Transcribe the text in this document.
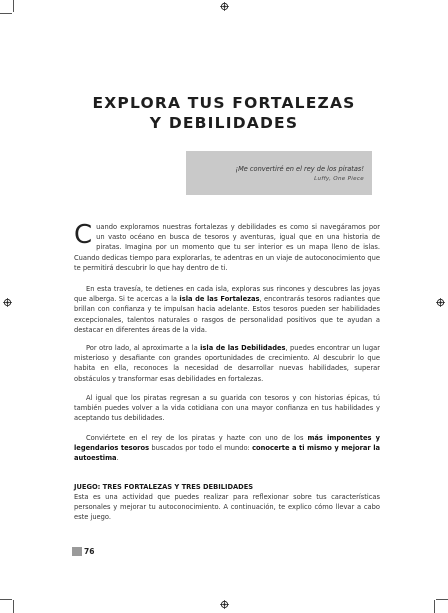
EXPLORA TUS FORTALEZAS
Y DEBILIDADES
¡Me convertiré en el rey de los piratas!
Luffy, One Piece

Cuando exploramos nuestras fortalezas y debilidades es como si navegáramos por un vasto océano en busca de tesoros y aventuras, igual que en una historia de piratas. Imagina por un momento que tu ser interior es un mapa lleno de islas. Cuando dedicas tiempo para explorarlas, te adentras en un viaje de autoconocimiento que te permitirá descubrir lo que hay dentro de ti.

En esta travesía, te detienes en cada isla, exploras sus rincones y descubres las joyas que alberga. Si te acercas a la isla de las Fortalezas, encontrarás tesoros radiantes que brillan con confianza y te impulsan hacia adelante. Estos tesoros pueden ser habilidades excepcionales, talentos naturales o rasgos de personalidad positivos que te ayudan a destacar en diferentes áreas de la vida.

Por otro lado, al aproximarte a la isla de las Debilidades, puedes encontrar un lugar misterioso y desafiante con grandes oportunidades de crecimiento. Al descubrir lo que habita en ella, reconoces la necesidad de desarrollar nuevas habilidades, superar obstáculos y transformar esas debilidades en fortalezas.

Al igual que los piratas regresan a su guarida con tesoros y con historias épicas, tú también puedes volver a la vida cotidiana con una mayor confianza en tus habilidades y aceptando tus debilidades.

Conviértete en el rey de los piratas y hazte con uno de los más imponentes y legendarios tesoros buscados por todo el mundo: conocerte a ti mismo y mejorar la autoestima.

JUEGO: TRES FORTALEZAS Y TRES DEBILIDADES

Esta es una actividad que puedes realizar para reflexionar sobre tus características personales y mejorar tu autoconocimiento. A continuación, te explico cómo llevar a cabo este juego.

76
